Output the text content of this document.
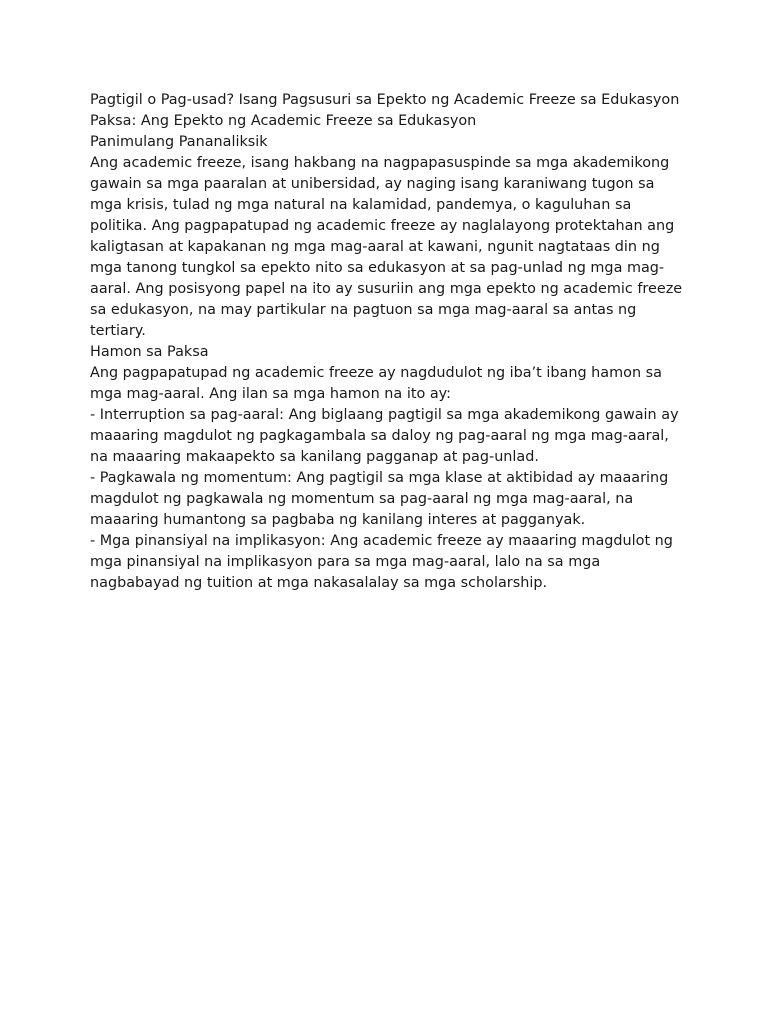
Pagtigil o Pag-usad? Isang Pagsusuri sa Epekto ng Academic Freeze sa Edukasyon

Paksa: Ang Epekto ng Academic Freeze sa Edukasyon

Panimulang Pananaliksik

Ang academic freeze, isang hakbang na nagpapasuspinde sa mga akademikong gawain sa mga paaralan at unibersidad, ay naging isang karaniwang tugon sa mga krisis, tulad ng mga natural na kalamidad, pandemya, o kaguluhan sa politika. Ang pagpapatupad ng academic freeze ay naglalayong protektahan ang kaligtasan at kapakanan ng mga mag-aaral at kawani, ngunit nagtataas din ng mga tanong tungkol sa epekto nito sa edukasyon at sa pag-unlad ng mga mag-aaral. Ang posisyong papel na ito ay susuriin ang mga epekto ng academic freeze sa edukasyon, na may partikular na pagtuon sa mga mag-aaral sa antas ng tertiary.

Hamon sa Paksa

Ang pagpapatupad ng academic freeze ay nagdudulot ng iba’t ibang hamon sa mga mag-aaral. Ang ilan sa mga hamon na ito ay:

- Interruption sa pag-aaral: Ang biglaang pagtigil sa mga akademikong gawain ay maaaring magdulot ng pagkagambala sa daloy ng pag-aaral ng mga mag-aaral, na maaaring makaapekto sa kanilang pagganap at pag-unlad.

- Pagkawala ng momentum: Ang pagtigil sa mga klase at aktibidad ay maaaring magdulot ng pagkawala ng momentum sa pag-aaral ng mga mag-aaral, na maaaring humantong sa pagbaba ng kanilang interes at pagganyak.

- Mga pinansiyal na implikasyon: Ang academic freeze ay maaaring magdulot ng mga pinansiyal na implikasyon para sa mga mag-aaral, lalo na sa mga nagbabayad ng tuition at mga nakasalalay sa mga scholarship.
